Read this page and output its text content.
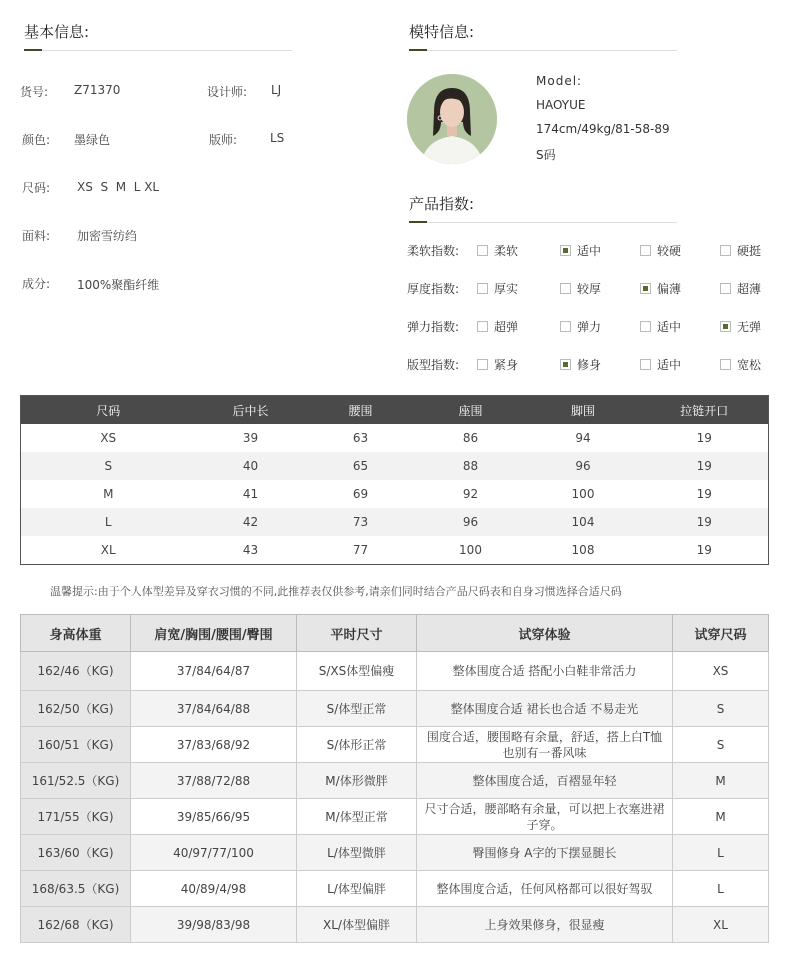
基本信息:
货号: Z71370	设计师: LJ
颜色: 墨绿色	版师:	LS
尺码: XS  S  M  L XL
面料: 加密雪纺绉
成分: 100%聚酯纤维
模特信息:
Model:
HAOYUE
174cm/49kg/81-58-89
S码
产品指数:
柔软指数:	柔软	适中	较硬	硬挺
厚度指数:	厚实	较厚	偏薄	超薄
弹力指数:	超弹	弹力	适中	无弹
版型指数:	紧身	修身	适中	宽松
尺码	后中长	腰围	座围	脚围	拉链开口
XS	39	63	86	94	19
S	40	65	88	96	19
M	41	69	92	100	19
L	42	73	96	104	19
XL	43	77	100	108	19
温馨提示:由于个人体型差异及穿衣习惯的不同,此推荐表仅供参考,请亲们同时结合产品尺码表和自身习惯选择合适尺码
身高体重	肩宽/胸围/腰围/臀围	平时尺寸	试穿体验	试穿尺码
162/46（KG)	37/84/64/87	S/XS体型偏瘦	整体围度合适 搭配小白鞋非常活力	XS
162/50（KG)	37/84/64/88	S/体型正常	整体围度合适 裙长也合适 不易走光	S
160/51（KG)	37/83/68/92	S/体形正常	围度合适，腰围略有余量，舒适，搭上白T恤也别有一番风味	S
161/52.5（KG)	37/88/72/88	M/体形微胖	整体围度合适，百褶显年轻	M
171/55（KG)	39/85/66/95	M/体型正常	尺寸合适，腰部略有余量，可以把上衣塞进裙子穿。	M
163/60（KG)	40/97/77/100	L/体型微胖	臀围修身 A字的下摆显腿长	L
168/63.5（KG)	40/89/4/98	L/体型偏胖	整体围度合适，任何风格都可以很好驾驭	L
162/68（KG)	39/98/83/98	XL/体型偏胖	上身效果修身，很显瘦	XL
